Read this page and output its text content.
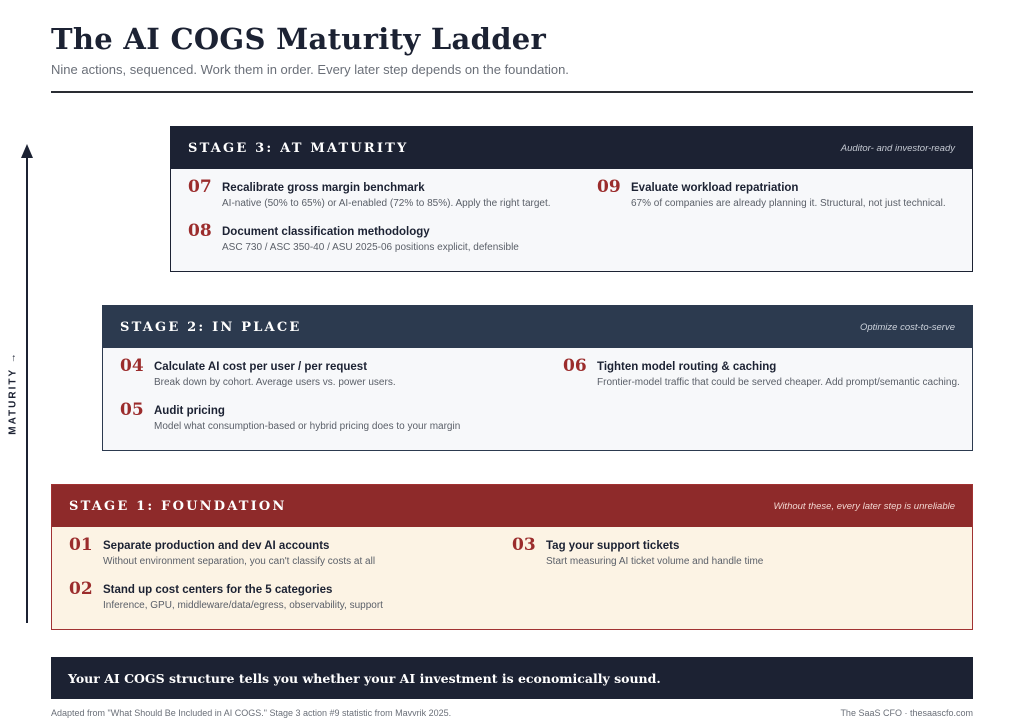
The AI COGS Maturity Ladder
Nine actions, sequenced. Work them in order. Every later step depends on the foundation.
MATURITY →
STAGE 3: AT MATURITY	Auditor- and investor-ready
07 Recalibrate gross margin benchmark
AI-native (50% to 65%) or AI-enabled (72% to 85%). Apply the right target.
08 Document classification methodology
ASC 730 / ASC 350-40 / ASU 2025-06 positions explicit, defensible
09 Evaluate workload repatriation
67% of companies are already planning it. Structural, not just technical.
STAGE 2: IN PLACE	Optimize cost-to-serve
04 Calculate AI cost per user / per request
Break down by cohort. Average users vs. power users.
05 Audit pricing
Model what consumption-based or hybrid pricing does to your margin
06 Tighten model routing & caching
Frontier-model traffic that could be served cheaper. Add prompt/semantic caching.
STAGE 1: FOUNDATION	Without these, every later step is unreliable
01 Separate production and dev AI accounts
Without environment separation, you can't classify costs at all
02 Stand up cost centers for the 5 categories
Inference, GPU, middleware/data/egress, observability, support
03 Tag your support tickets
Start measuring AI ticket volume and handle time
Your AI COGS structure tells you whether your AI investment is economically sound.
Adapted from "What Should Be Included in AI COGS." Stage 3 action #9 statistic from Mavvrik 2025.	The SaaS CFO · thesaascfo.com
